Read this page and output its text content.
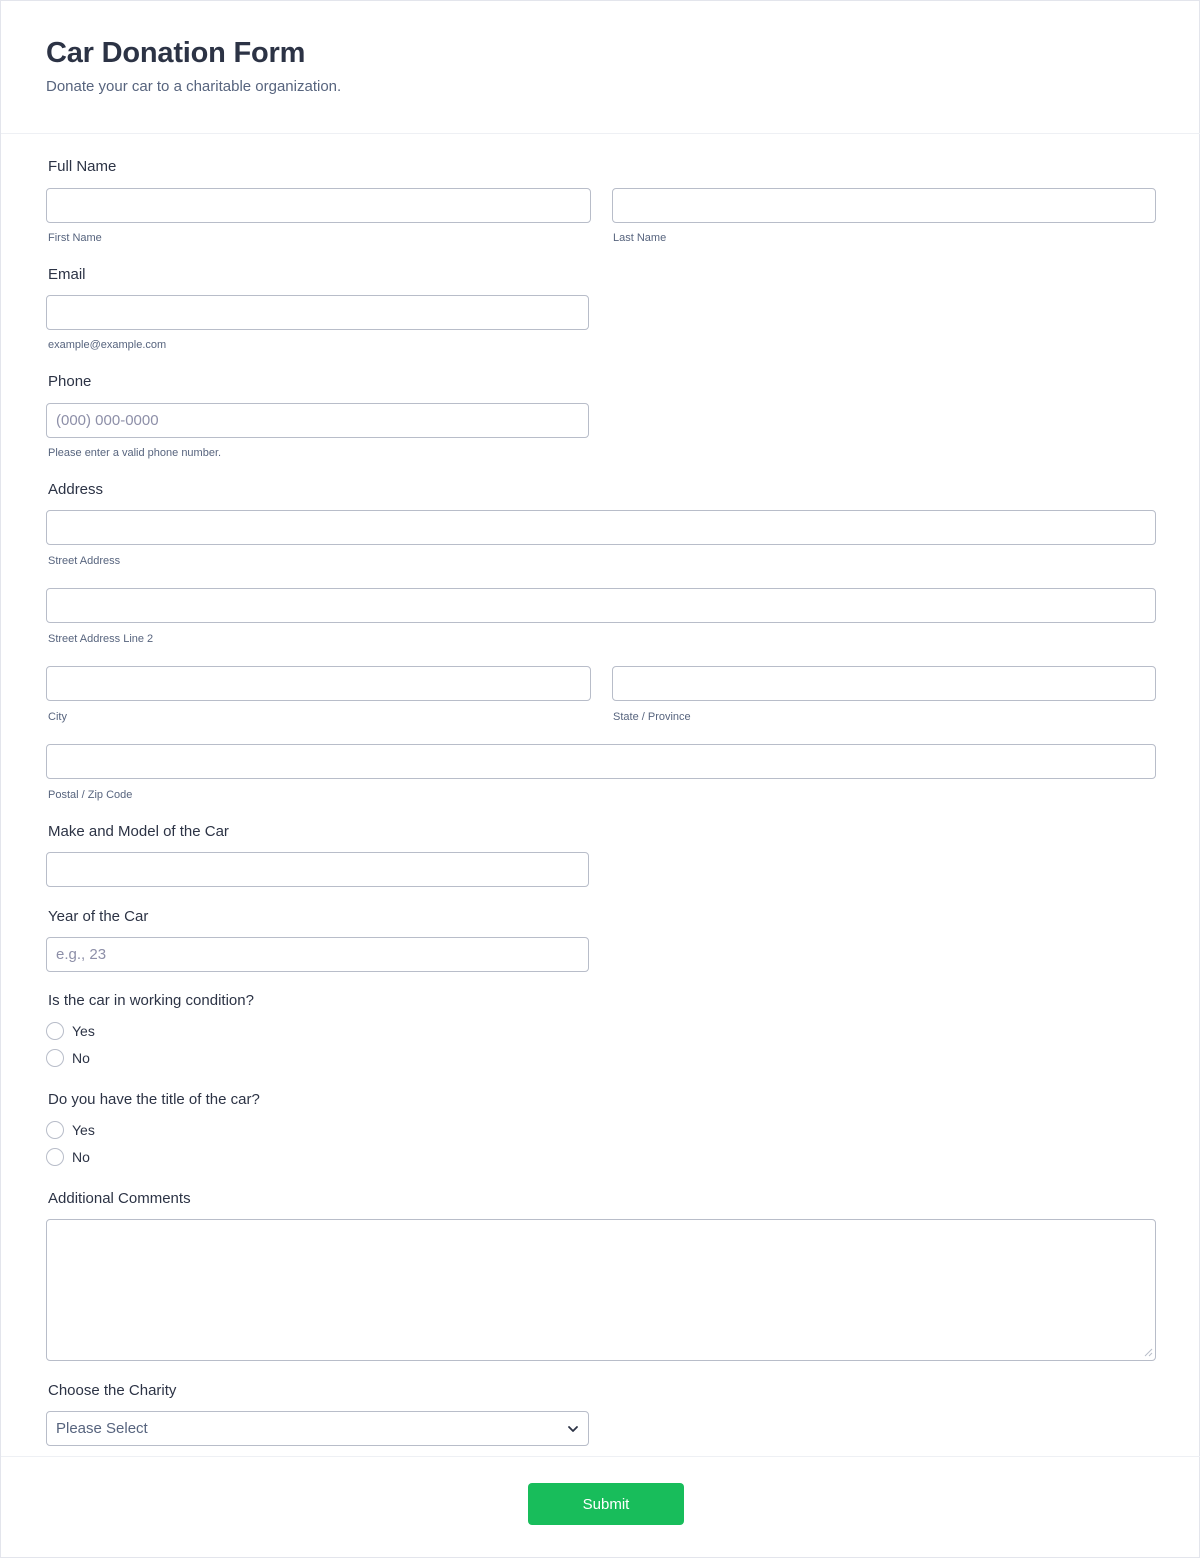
Car Donation Form
Donate your car to a charitable organization.
Full Name
First Name	Last Name
Email
example@example.com
Phone
(000) 000-0000
Please enter a valid phone number.
Address
Street Address
Street Address Line 2
City	State / Province
Postal / Zip Code
Make and Model of the Car
Year of the Car
e.g., 23
Is the car in working condition?
Yes
No
Do you have the title of the car?
Yes
No
Additional Comments
Choose the Charity
Please Select
Submit
